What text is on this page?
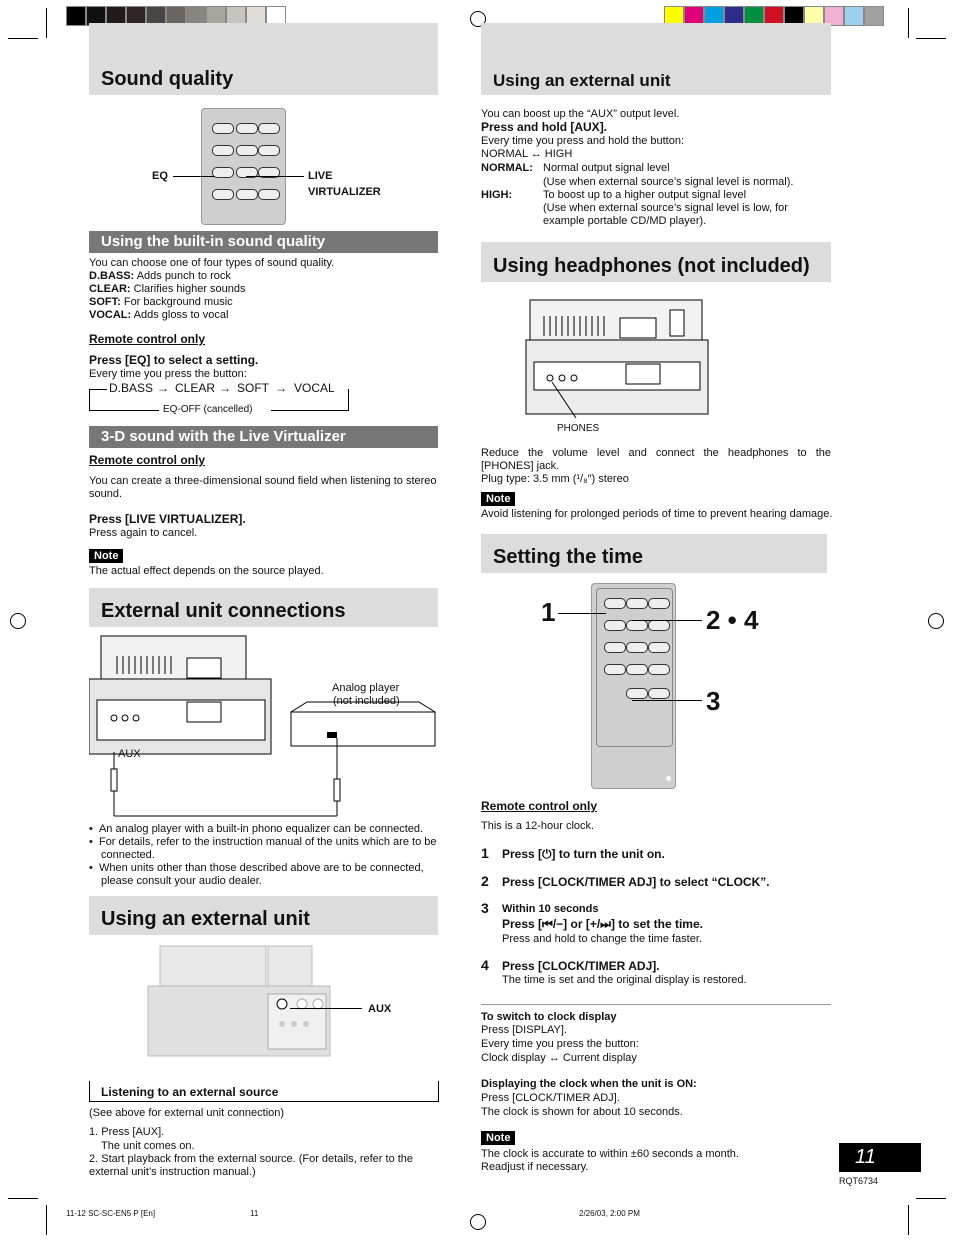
Sound quality
EQ	LIVE
VIRTUALIZER
Using the built-in sound quality
You can choose one of four types of sound quality.
D.BASS: Adds punch to rock
CLEAR: Clarifies higher sounds
SOFT: For background music
VOCAL: Adds gloss to vocal
Remote control only
Press [EQ] to select a setting.
Every time you press the button:
D.BASS → CLEAR → SOFT → VOCAL
EQ-OFF (cancelled)
3-D sound with the Live Virtualizer
Remote control only
You can create a three-dimensional sound field when listening to stereo sound.
Press [LIVE VIRTUALIZER].
Press again to cancel.
Note
The actual effect depends on the source played.
External unit connections
Analog player
(not included)
AUX
•  An analog player with a built-in phono equalizer can be connected.
•  For details, refer to the instruction manual of the units which are to be connected.
•  When units other than those described above are to be connected, please consult your audio dealer.
Using an external unit
AUX
Listening to an external source
(See above for external unit connection)
1. Press [AUX].
The unit comes on.
2. Start playback from the external source. (For details, refer to the external unit’s instruction manual.)
Using an external unit
You can boost up the “AUX” output level.
Press and hold [AUX].
Every time you press and hold the button:
NORMAL ↔ HIGH
NORMAL: Normal output signal level
(Use when external source’s signal level is normal).
HIGH:	To boost up to a higher output signal level
(Use when external source’s signal level is low, for example portable CD/MD player).
Using headphones (not included)
PHONES
Reduce the volume level and connect the headphones to the [PHONES] jack.
Plug type: 3.5 mm (¹/₈″) stereo
Note
Avoid listening for prolonged periods of time to prevent hearing damage.
Setting the time
1	2 • 4
3
Remote control only
This is a 12-hour clock.
1 Press [⏻] to turn the unit on.
2 Press [CLOCK/TIMER ADJ] to select “CLOCK”.
3 Within 10 seconds
Press [⏮/−] or [+/⏭] to set the time.
Press and hold to change the time faster.
4 Press [CLOCK/TIMER ADJ].
The time is set and the original display is restored.
To switch to clock display
Press [DISPLAY].
Every time you press the button:
Clock display ↔ Current display
Displaying the clock when the unit is ON:
Press [CLOCK/TIMER ADJ].
The clock is shown for about 10 seconds.
Note
The clock is accurate to within ±60 seconds a month.
Readjust if necessary.	11
RQT6734
11-12 SC-SC-EN5 P [En]	11	2/26/03, 2:00 PM
